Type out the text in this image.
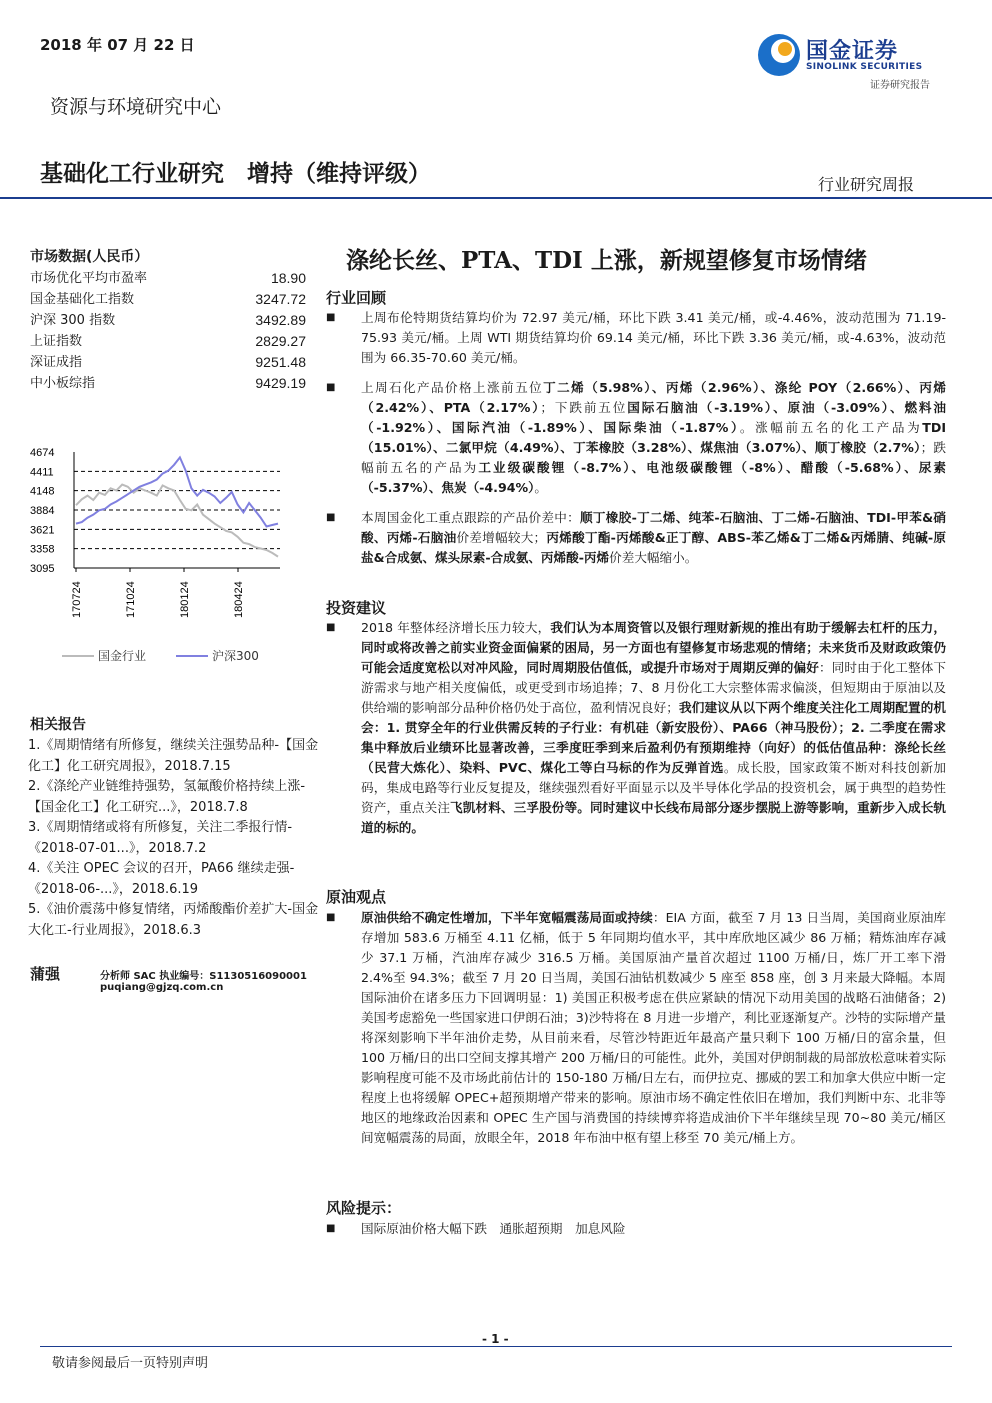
2018 年 07 月 22 日	国金证券
SINOLINK SECURITIES
证券研究报告
资源与环境研究中心
基础化工行业研究　增持（维持评级）	行业研究周报
市场数据(人民币）
市场优化平均市盈率	18.90
国金基础化工指数	3247.72
沪深 300 指数	3492.89
上证指数	2829.27
深证成指	9251.48
中小板综指	9429.19
4674
4411
4148
3884
3621
3358
3095
170724	171024	180124	180424
国金行业	沪深300
相关报告

1.《周期情绪有所修复，继续关注强势品种-【国金化工】化工研究周报》，2018.7.15

2.《涤纶产业链维持强势，氢氟酸价格持续上涨-【国金化工】化工研究...》，2018.7.8

3.《周期情绪或将有所修复，关注二季报行情-《2018-07-01...》，2018.7.2

4.《关注 OPEC 会议的召开，PA66 继续走强-《2018-06-...》，2018.6.19

5.《油价震荡中修复情绪，丙烯酸酯价差扩大-国金大化工-行业周报》，2018.6.3

蒲强	分析师 SAC 执业编号：S1130516090001
puqiang@gjzq.com.cn
涤纶长丝、PTA、TDI 上涨，新规望修复市场情绪
行业回顾
■ 上周布伦特期货结算均价为 72.97 美元/桶，环比下跌 3.41 美元/桶，或-4.46%，波动范围为 71.19-75.93 美元/桶。上周 WTI 期货结算均价 69.14 美元/桶，环比下跌 3.36 美元/桶，或-4.63%，波动范围为 66.35-70.60 美元/桶。
■ 上周石化产品价格上涨前五位丁二烯（5.98%）、丙烯（2.96%）、涤纶 POY（2.66%）、丙烯（2.42%）、PTA（2.17%）；下跌前五位国际石脑油（-3.19%）、原油（-3.09%）、燃料油（-1.92%）、国际汽油（-1.89%）、国际柴油（-1.87%）。涨幅前五名的化工产品为TDI（15.01%）、二氯甲烷（4.49%）、丁苯橡胶（3.28%）、煤焦油（3.07%）、顺丁橡胶（2.7%）；跌幅前五名的产品为工业级碳酸锂（-8.7%）、电池级碳酸锂（-8%）、醋酸（-5.68%）、尿素（-5.37%）、焦炭（-4.94%）。
■ 本周国金化工重点跟踪的产品价差中：顺丁橡胶-丁二烯、纯苯-石脑油、丁二烯-石脑油、TDI-甲苯&硝酸、丙烯-石脑油价差增幅较大；丙烯酸丁酯-丙烯酸&正丁醇、ABS-苯乙烯&丁二烯&丙烯腈、纯碱-原盐&合成氨、煤头尿素-合成氨、丙烯酸-丙烯价差大幅缩小。
投资建议
■ 2018 年整体经济增长压力较大，我们认为本周资管以及银行理财新规的推出有助于缓解去杠杆的压力，同时或将改善之前实业资金面偏紧的困局，另一方面也有望修复市场悲观的情绪；未来货币及财政政策仍可能会适度宽松以对冲风险，同时周期股估值低，或提升市场对于周期反弹的偏好：同时由于化工整体下游需求与地产相关度偏低，或更受到市场追捧；7、8 月份化工大宗整体需求偏淡，但短期由于原油以及供给端的影响部分品种价格仍处于高位，盈利情况良好；我们建议从以下两个维度关注化工周期配置的机会：1. 贯穿全年的行业供需反转的子行业：有机硅（新安股份）、PA66（神马股份）；2. 二季度在需求集中释放后业绩环比显著改善，三季度旺季到来后盈利仍有预期维持（向好）的低估值品种：涤纶长丝（民营大炼化）、染料、PVC、煤化工等白马标的作为反弹首选。成长股，国家政策不断对科技创新加码，集成电路等行业反复提及，继续强烈看好平面显示以及半导体化学品的投资机会，属于典型的趋势性资产，重点关注飞凯材料、三孚股份等。同时建议中长线布局部分逐步摆脱上游等影响，重新步入成长轨道的标的。
原油观点
■ 原油供给不确定性增加，下半年宽幅震荡局面或持续：EIA 方面，截至 7 月 13 日当周，美国商业原油库存增加 583.6 万桶至 4.11 亿桶，低于 5 年同期均值水平，其中库欣地区减少 86 万桶；精炼油库存减少 37.1 万桶，汽油库存减少 316.5 万桶。美国原油产量首次超过 1100 万桶/日，炼厂开工率下滑 2.4%至 94.3%；截至 7 月 20 日当周，美国石油钻机数减少 5 座至 858 座，创 3 月来最大降幅。本周国际油价在诸多压力下回调明显：1) 美国正积极考虑在供应紧缺的情况下动用美国的战略石油储备；2) 美国考虑豁免一些国家进口伊朗石油；3)沙特将在 8 月进一步增产，利比亚逐渐复产。沙特的实际增产量将深刻影响下半年油价走势，从目前来看，尽管沙特距近年最高产量只剩下 100 万桶/日的富余量，但 100 万桶/日的出口空间支撑其增产 200 万桶/日的可能性。此外，美国对伊朗制裁的局部放松意味着实际影响程度可能不及市场此前估计的 150-180 万桶/日左右，而伊拉克、挪威的罢工和加拿大供应中断一定程度上也将缓解 OPEC+超预期增产带来的影响。原油市场不确定性依旧在增加，我们判断中东、北非等地区的地缘政治因素和 OPEC 生产国与消费国的持续博弈将造成油价下半年继续呈现 70~80 美元/桶区间宽幅震荡的局面，放眼全年，2018 年布油中枢有望上移至 70 美元/桶上方。
风险提示：
■ 国际原油价格大幅下跌　通胀超预期　加息风险
- 1 -
敬请参阅最后一页特别声明
